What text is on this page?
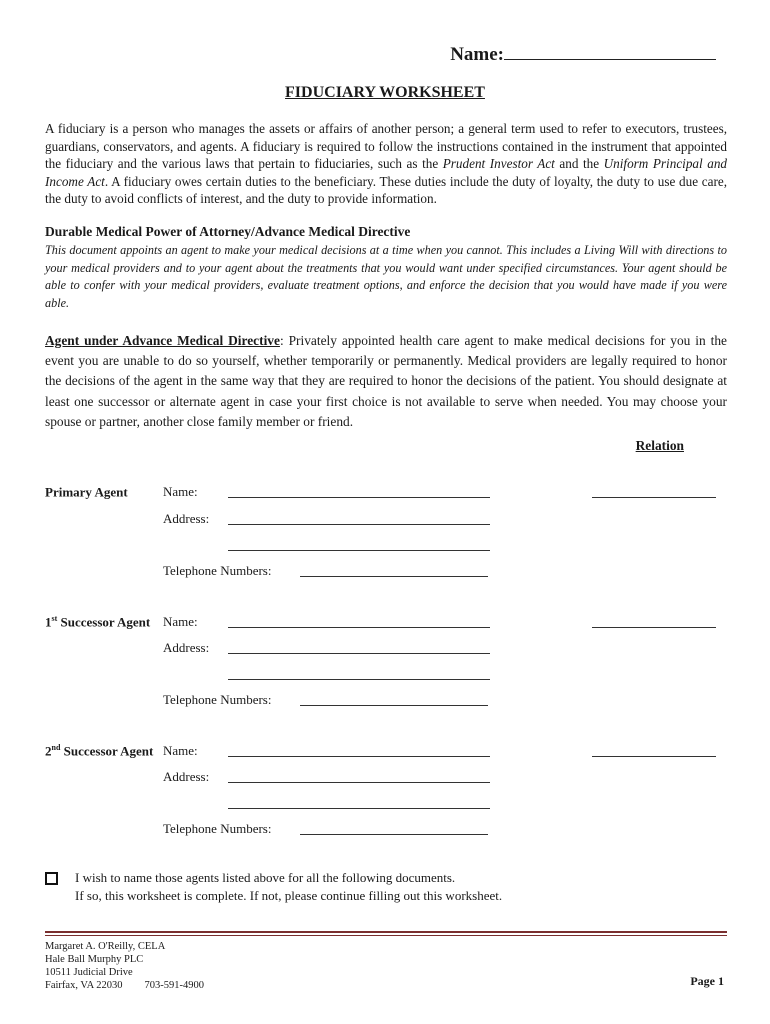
Name:
FIDUCIARY WORKSHEET
A fiduciary is a person who manages the assets or affairs of another person; a general term used to refer to executors, trustees, guardians, conservators, and agents. A fiduciary is required to follow the instructions contained in the instrument that appointed the fiduciary and the various laws that pertain to fiduciaries, such as the Prudent Investor Act and the Uniform Principal and Income Act. A fiduciary owes certain duties to the beneficiary. These duties include the duty of loyalty, the duty to use due care, the duty to avoid conflicts of interest, and the duty to provide information.
Durable Medical Power of Attorney/Advance Medical Directive
This document appoints an agent to make your medical decisions at a time when you cannot. This includes a Living Will with directions to your medical providers and to your agent about the treatments that you would want under specified circumstances. Your agent should be able to confer with your medical providers, evaluate treatment options, and enforce the decision that you would have made if you were able.
Agent under Advance Medical Directive: Privately appointed health care agent to make medical decisions for you in the event you are unable to do so yourself, whether temporarily or permanently. Medical providers are legally required to honor the decisions of the agent in the same way that they are required to honor the decisions of the patient. You should designate at least one successor or alternate agent in case your first choice is not available to serve when needed. You may choose your spouse or partner, another close family member or friend.
Relation
Primary Agent	Name:
Address:
Telephone Numbers:
1st Successor Agent Name:
Address:
Telephone Numbers:
2nd Successor Agent Name:
Address:
Telephone Numbers:
I wish to name those agents listed above for all the following documents.
If so, this worksheet is complete. If not, please continue filling out this worksheet.
Margaret A. O'Reilly, CELA
Hale Ball Murphy PLC
10511 Judicial Drive
Fairfax, VA 22030 703-591-4900	Page 1
